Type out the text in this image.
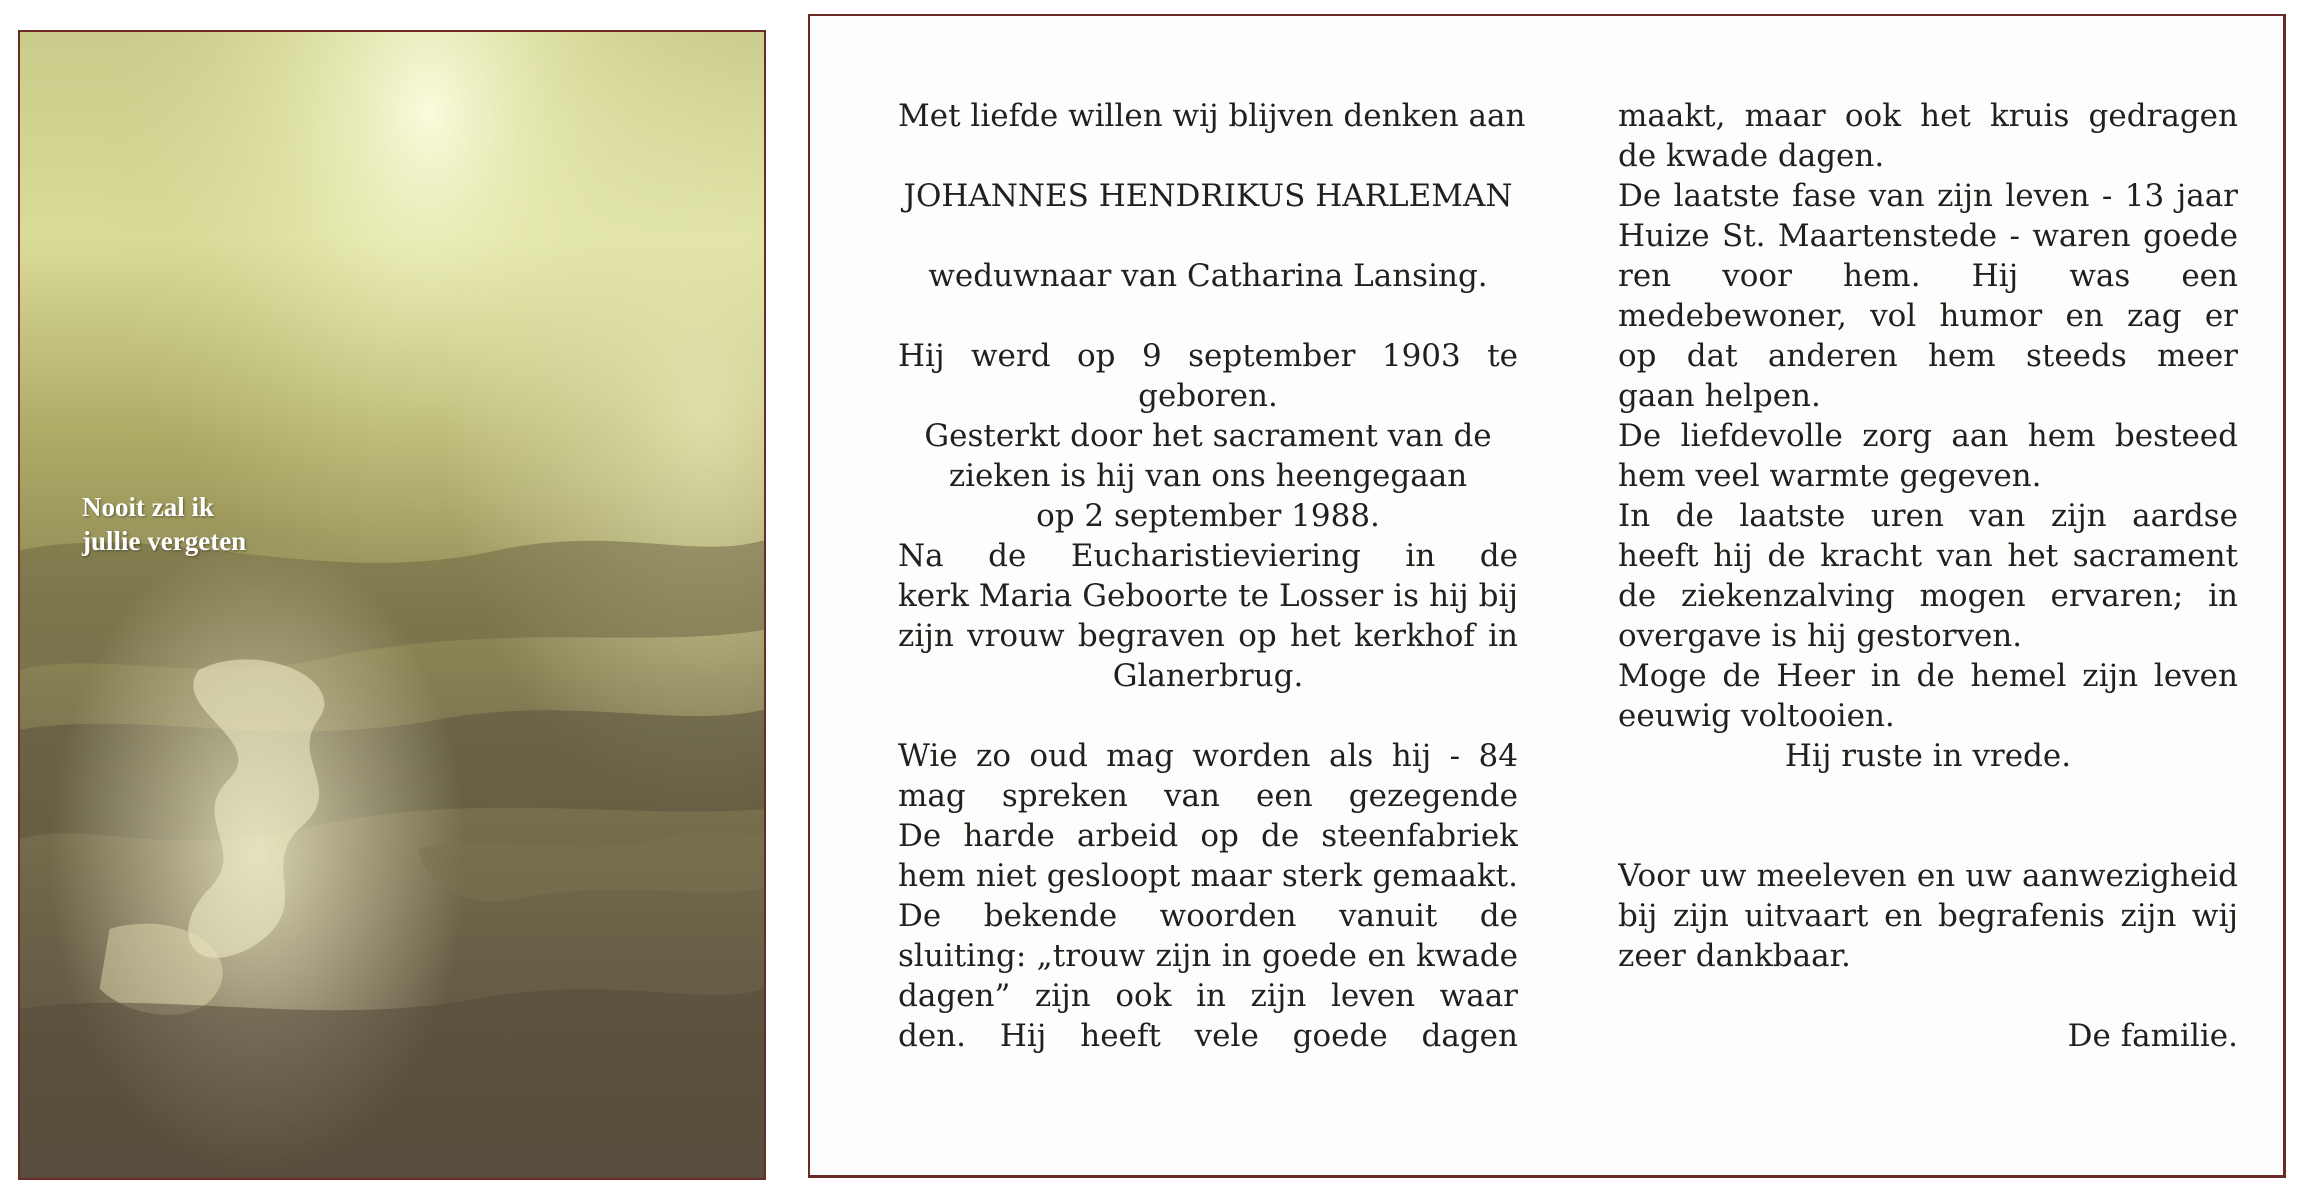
Nooit zal ik
jullie vergeten
Met liefde willen wij blijven denken aan
JOHANNES HENDRIKUS HARLEMAN
weduwnaar van Catharina Lansing.
Hij werd op 9 september 1903 te
geboren.
Gesterkt door het sacrament van de
zieken is hij van ons heengegaan
op 2 september 1988.
Na de Eucharistieviering in de
kerk Maria Geboorte te Losser is hij bij
zijn vrouw begraven op het kerkhof in
Glanerbrug.
Wie zo oud mag worden als hij - 84
mag spreken van een gezegende
De harde arbeid op de steenfabriek
hem niet gesloopt maar sterk gemaakt.
De bekende woorden vanuit de
sluiting: „trouw zijn in goede en kwade
dagen” zijn ook in zijn leven waar
den. Hij heeft vele goede dagen
maakt, maar ook het kruis gedragen
de kwade dagen.
De laatste fase van zijn leven - 13 jaar
Huize St. Maartenstede - waren goede
ren voor hem. Hij was een
medebewoner, vol humor en zag er
op dat anderen hem steeds meer
gaan helpen.
De liefdevolle zorg aan hem besteed
hem veel warmte gegeven.
In de laatste uren van zijn aardse
heeft hij de kracht van het sacrament
de ziekenzalving mogen ervaren; in
overgave is hij gestorven.
Moge de Heer in de hemel zijn leven
eeuwig voltooien.
Hij ruste in vrede.
Voor uw meeleven en uw aanwezigheid
bij zijn uitvaart en begrafenis zijn wij
zeer dankbaar.
De familie.
